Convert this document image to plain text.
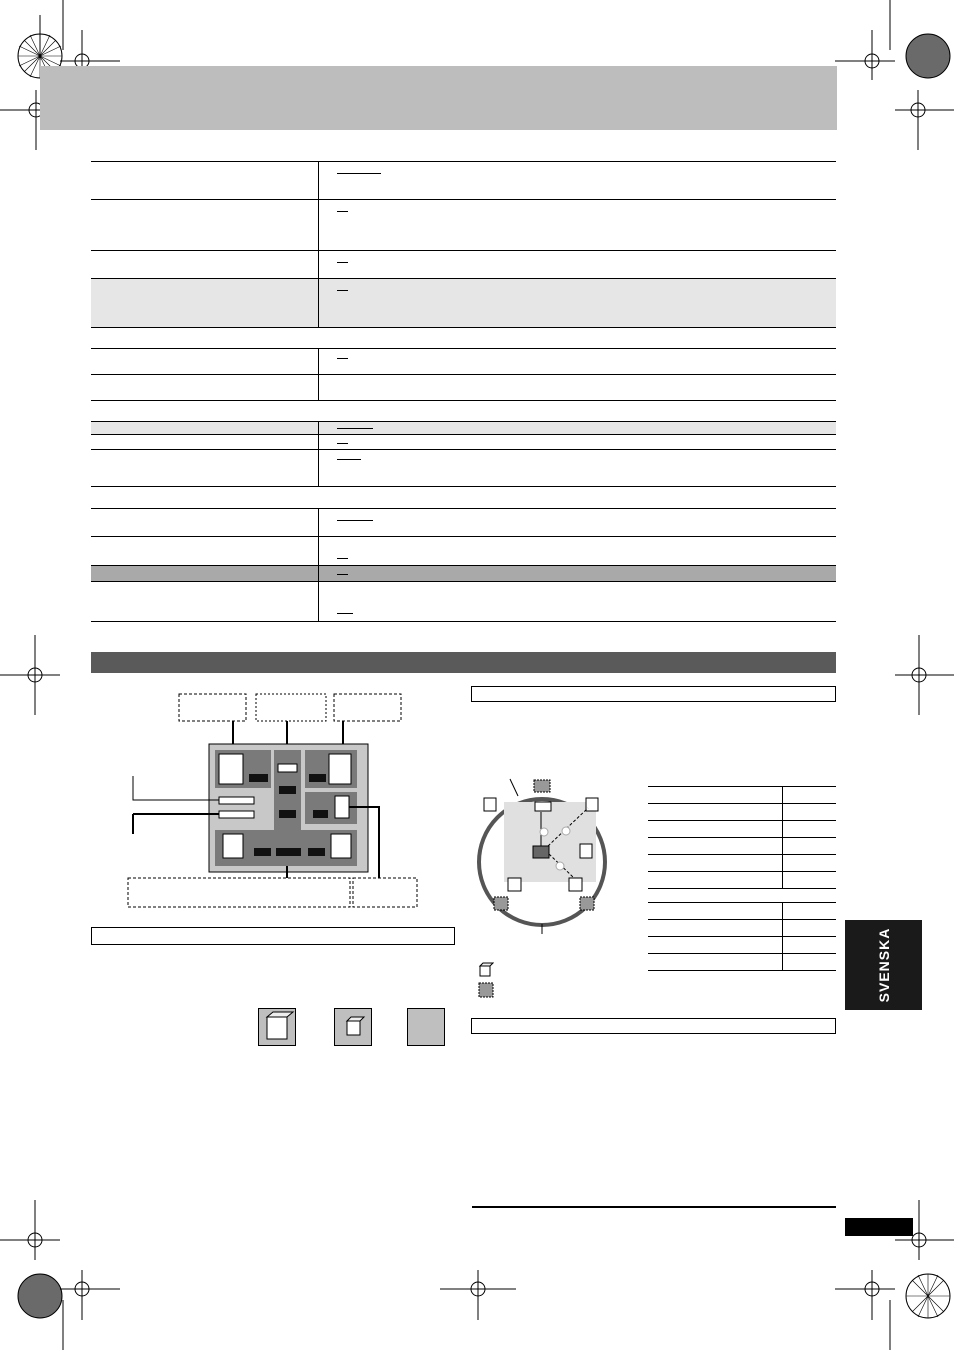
SVENSKA
